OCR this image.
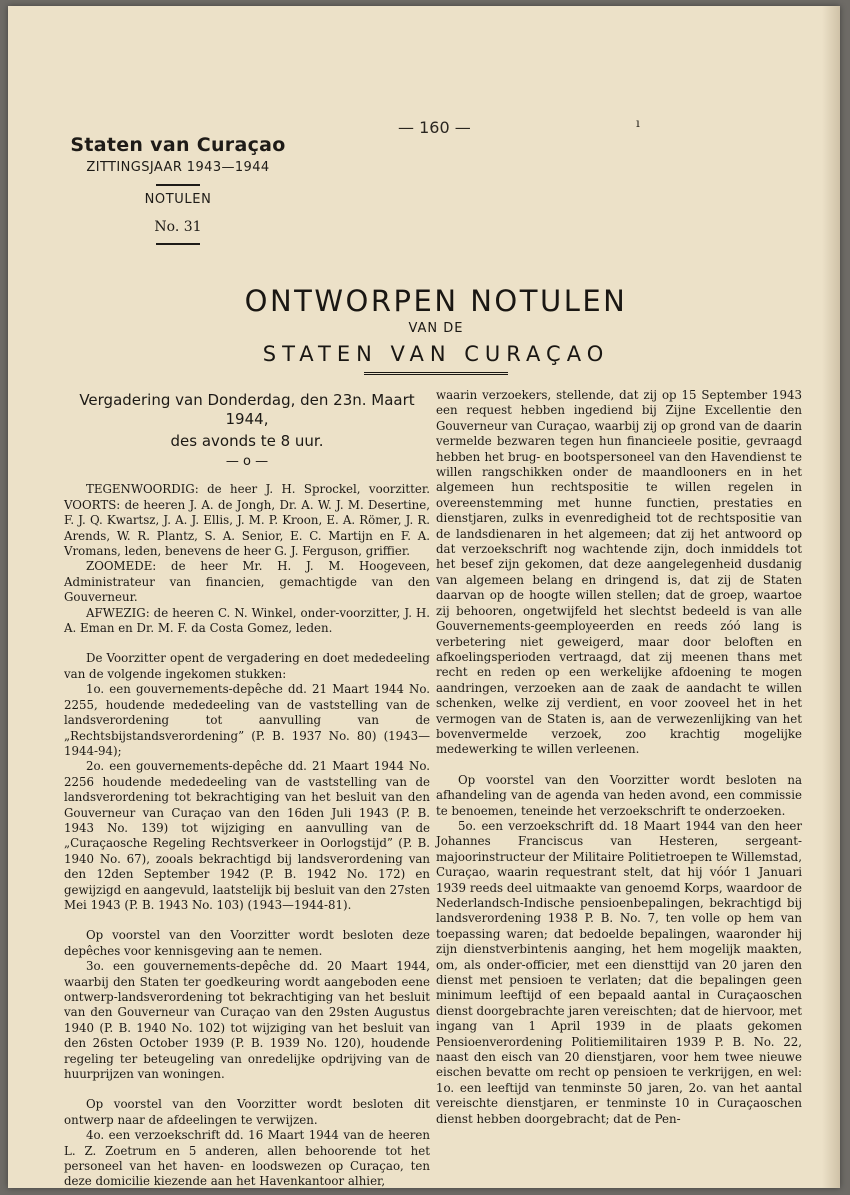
— 160 —	ı
Staten van Curaçao
ZITTINGSJAAR 1943—1944
NOTULEN
No. 31
ONTWORPEN NOTULEN
VAN DE
STATEN VAN CURAÇAO
Vergadering van Donderdag, den 23n. Maart 1944,
des avonds te 8 uur.
— o —

TEGENWOORDIG: de heer J. H. Sprockel, voorzitter. VOORTS: de heeren J. A. de Jongh, Dr. A. W. J. M. Desertine, F. J. Q. Kwartsz, J. A. J. Ellis, J. M. P. Kroon, E. A. Römer, J. R. Arends, W. R. Plantz, S. A. Senior, E. C. Martijn en F. A. Vromans, leden, benevens de heer G. J. Ferguson, griffier.

ZOOMEDE: de heer Mr. H. J. M. Hoogeveen, Administrateur van financien, gemachtigde van den Gouverneur.

AFWEZIG: de heeren C. N. Winkel, onder-voorzitter, J. H. A. Eman en Dr. M. F. da Costa Gomez, leden.

De Voorzitter opent de vergadering en doet mededeeling van de volgende ingekomen stukken:

1o. een gouvernements-depêche dd. 21 Maart 1944 No. 2255, houdende mededeeling van de vaststelling van de landsverordening tot aanvulling van de „Rechtsbijstandsverordening” (P. B. 1937 No. 80) (1943—1944-94);

2o. een gouvernements-depêche dd. 21 Maart 1944 No. 2256 houdende mededeeling van de vaststelling van de landsverordening tot bekrachtiging van het besluit van den Gouverneur van Curaçao van den 16den Juli 1943 (P. B. 1943 No. 139) tot wijziging en aanvulling van de „Curaçaosche Regeling Rechtsverkeer in Oorlogstijd” (P. B. 1940 No. 67), zooals bekrachtigd bij landsverordening van den 12den September 1942 (P. B. 1942 No. 172) en gewijzigd en aangevuld, laatstelijk bij besluit van den 27sten Mei 1943 (P. B. 1943 No. 103) (1943—1944-81).

Op voorstel van den Voorzitter wordt besloten deze depêches voor kennisgeving aan te nemen.

3o. een gouvernements-depêche dd. 20 Maart 1944, waarbij den Staten ter goedkeuring wordt aangeboden eene ontwerp-landsverordening tot bekrachtiging van het besluit van den Gouverneur van Curaçao van den 29sten Augustus 1940 (P. B. 1940 No. 102) tot wijziging van het besluit van den 26sten October 1939 (P. B. 1939 No. 120), houdende regeling ter beteugeling van onredelijke opdrijving van de huurprijzen van woningen.

Op voorstel van den Voorzitter wordt besloten dit ontwerp naar de afdeelingen te verwijzen.

4o. een verzoekschrift dd. 16 Maart 1944 van de heeren L. Z. Zoetrum en 5 anderen, allen behoorende tot het personeel van het haven- en loodswezen op Curaçao, ten deze domicilie kiezende aan het Havenkantoor alhier,

waarin verzoekers, stellende, dat zij op 15 September 1943 een request hebben ingediend bij Zijne Excellentie den Gouverneur van Curaçao, waarbij zij op grond van de daarin vermelde bezwaren tegen hun financieele positie, gevraagd hebben het brug- en bootspersoneel van den Havendienst te willen rangschikken onder de maandlooners en in het algemeen hun rechtspositie te willen regelen in overeenstemming met hunne functien, prestaties en dienstjaren, zulks in evenredigheid tot de rechtspositie van de landsdienaren in het algemeen; dat zij het antwoord op dat verzoekschrift nog wachtende zijn, doch inmiddels tot het besef zijn gekomen, dat deze aangelegenheid dusdanig van algemeen belang en dringend is, dat zij de Staten daarvan op de hoogte willen stellen; dat de groep, waartoe zij behooren, ongetwijfeld het slechtst bedeeld is van alle Gouvernements-geemployeerden en reeds zóó lang is verbetering niet geweigerd, maar door beloften en afkoelingsperioden vertraagd, dat zij meenen thans met recht en reden op een werkelijke afdoening te mogen aandringen, verzoeken aan de zaak de aandacht te willen schenken, welke zij verdient, en voor zooveel het in het vermogen van de Staten is, aan de verwezenlijking van het bovenvermelde verzoek, zoo krachtig mogelijke medewerking te willen verleenen.

Op voorstel van den Voorzitter wordt besloten na afhandeling van de agenda van heden avond, een commissie te benoemen, teneinde het verzoekschrift te onderzoeken.

5o. een verzoekschrift dd. 18 Maart 1944 van den heer Johannes Franciscus van Hesteren, sergeant-majoorinstructeur der Militaire Politietroepen te Willemstad, Curaçao, waarin requestrant stelt, dat hij vóór 1 Januari 1939 reeds deel uitmaakte van genoemd Korps, waardoor de Nederlandsch-Indische pensioenbepalingen, bekrachtigd bij landsverordening 1938 P. B. No. 7, ten volle op hem van toepassing waren; dat bedoelde bepalingen, waaronder hij zijn dienstverbintenis aanging, het hem mogelijk maakten, om, als onder-officier, met een diensttijd van 20 jaren den dienst met pensioen te verlaten; dat die bepalingen geen minimum leeftijd of een bepaald aantal in Curaçaoschen dienst doorgebrachte jaren vereischten; dat de hiervoor, met ingang van 1 April 1939 in de plaats gekomen Pensioenverordening Politiemilitairen 1939 P. B. No. 22, naast den eisch van 20 dienstjaren, voor hem twee nieuwe eischen bevatte om recht op pensioen te verkrijgen, en wel: 1o. een leeftijd van tenminste 50 jaren, 2o. van het aantal vereischte dienstjaren, er tenminste 10 in Curaçaoschen dienst hebben doorgebracht; dat de Pen-
